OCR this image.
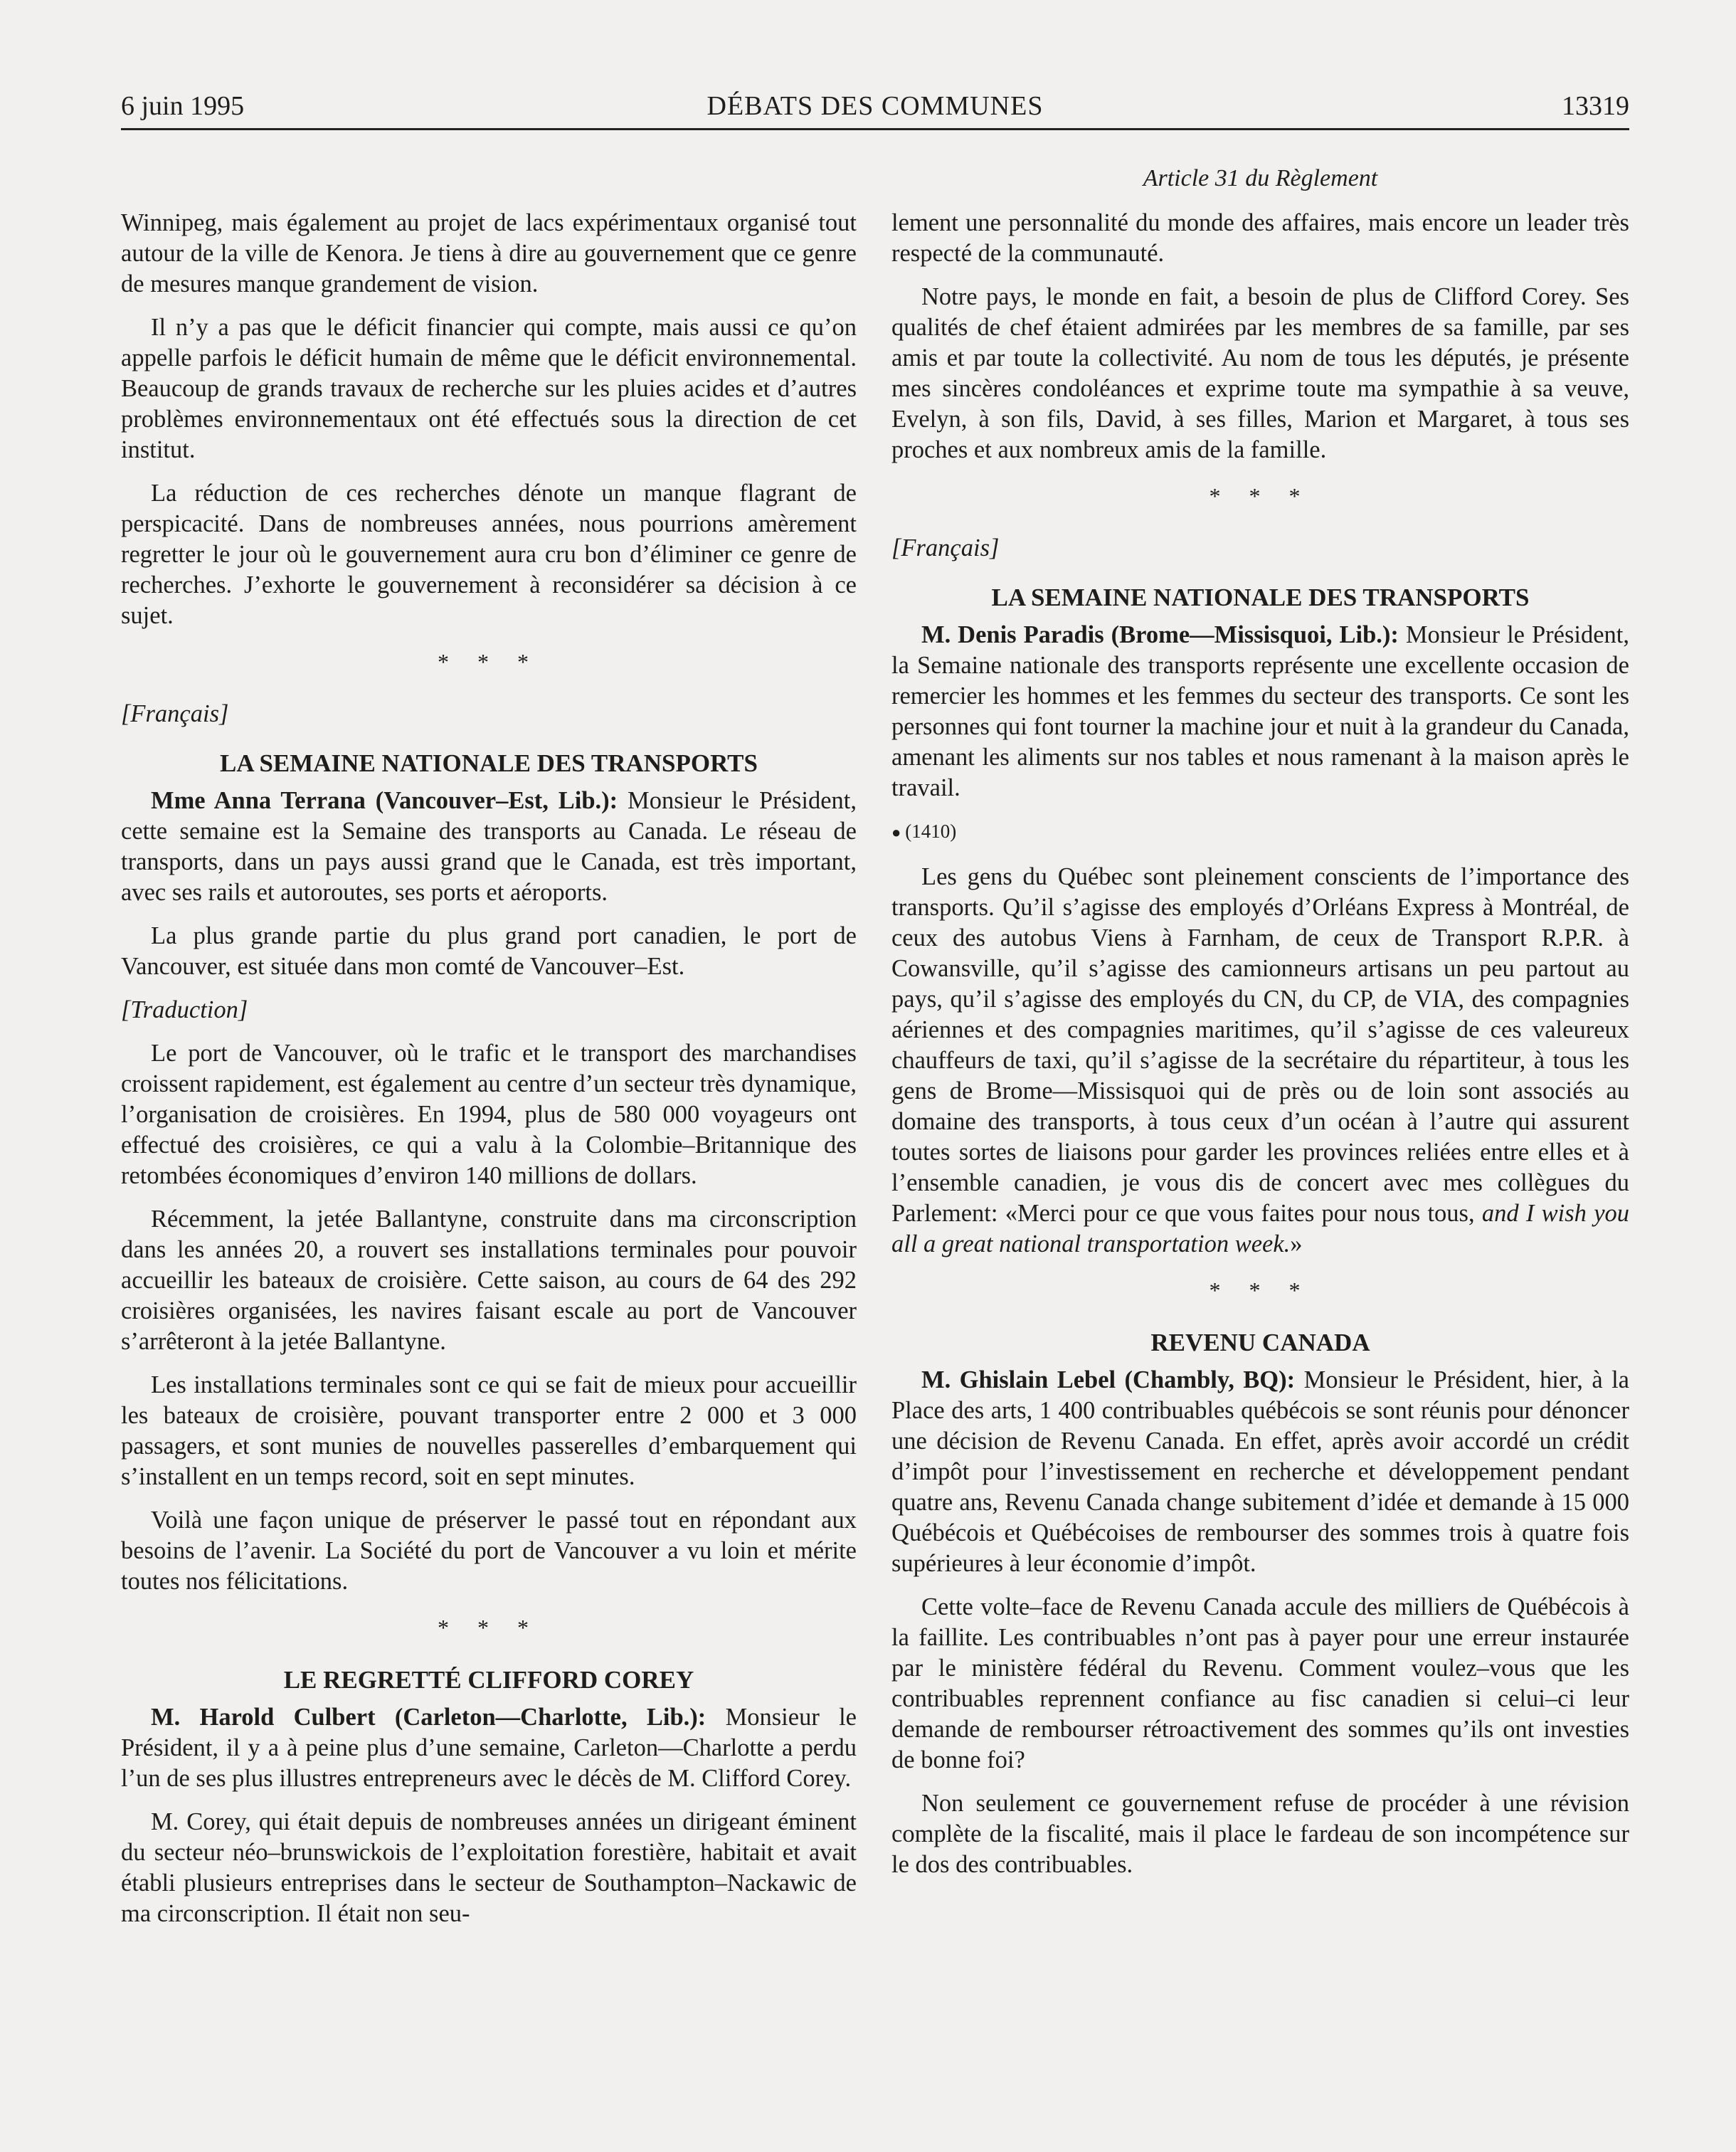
6 juin 1995	DÉBATS DES COMMUNES	13319
Article 31 du Règlement

Winnipeg, mais également au projet de lacs expérimentaux organisé tout autour de la ville de Kenora. Je tiens à dire au gouvernement que ce genre de mesures manque grandement de vision.

Il n’y a pas que le déficit financier qui compte, mais aussi ce qu’on appelle parfois le déficit humain de même que le déficit environnemental. Beaucoup de grands travaux de recherche sur les pluies acides et d’autres problèmes environnementaux ont été effectués sous la direction de cet institut.

La réduction de ces recherches dénote un manque flagrant de perspicacité. Dans de nombreuses années, nous pourrions amèrement regretter le jour où le gouvernement aura cru bon d’éliminer ce genre de recherches. J’exhorte le gouvernement à reconsidérer sa décision à ce sujet.

* * *
[Français]
LA SEMAINE NATIONALE DES TRANSPORTS

Mme Anna Terrana (Vancouver–Est, Lib.): Monsieur le Président, cette semaine est la Semaine des transports au Canada. Le réseau de transports, dans un pays aussi grand que le Canada, est très important, avec ses rails et autoroutes, ses ports et aéroports.

La plus grande partie du plus grand port canadien, le port de Vancouver, est située dans mon comté de Vancouver–Est.

[Traduction]

Le port de Vancouver, où le trafic et le transport des marchandises croissent rapidement, est également au centre d’un secteur très dynamique, l’organisation de croisières. En 1994, plus de 580 000 voyageurs ont effectué des croisières, ce qui a valu à la Colombie–Britannique des retombées économiques d’environ 140 millions de dollars.

Récemment, la jetée Ballantyne, construite dans ma circonscription dans les années 20, a rouvert ses installations terminales pour pouvoir accueillir les bateaux de croisière. Cette saison, au cours de 64 des 292 croisières organisées, les navires faisant escale au port de Vancouver s’arrêteront à la jetée Ballantyne.

Les installations terminales sont ce qui se fait de mieux pour accueillir les bateaux de croisière, pouvant transporter entre 2 000 et 3 000 passagers, et sont munies de nouvelles passerelles d’embarquement qui s’installent en un temps record, soit en sept minutes.

Voilà une façon unique de préserver le passé tout en répondant aux besoins de l’avenir. La Société du port de Vancouver a vu loin et mérite toutes nos félicitations.

* * *
LE REGRETTÉ CLIFFORD COREY

M. Harold Culbert (Carleton—Charlotte, Lib.): Monsieur le Président, il y a à peine plus d’une semaine, Carleton—Charlotte a perdu l’un de ses plus illustres entrepreneurs avec le décès de M. Clifford Corey.

M. Corey, qui était depuis de nombreuses années un dirigeant éminent du secteur néo–brunswickois de l’exploitation forestière, habitait et avait établi plusieurs entreprises dans le secteur de Southampton–Nackawic de ma circonscription. Il était non seu-

lement une personnalité du monde des affaires, mais encore un leader très respecté de la communauté.

Notre pays, le monde en fait, a besoin de plus de Clifford Corey. Ses qualités de chef étaient admirées par les membres de sa famille, par ses amis et par toute la collectivité. Au nom de tous les députés, je présente mes sincères condoléances et exprime toute ma sympathie à sa veuve, Evelyn, à son fils, David, à ses filles, Marion et Margaret, à tous ses proches et aux nombreux amis de la famille.

* * *
[Français]
LA SEMAINE NATIONALE DES TRANSPORTS

M. Denis Paradis (Brome—Missisquoi, Lib.): Monsieur le Président, la Semaine nationale des transports représente une excellente occasion de remercier les hommes et les femmes du secteur des transports. Ce sont les personnes qui font tourner la machine jour et nuit à la grandeur du Canada, amenant les aliments sur nos tables et nous ramenant à la maison après le travail.

● (1410)

Les gens du Québec sont pleinement conscients de l’importance des transports. Qu’il s’agisse des employés d’Orléans Express à Montréal, de ceux des autobus Viens à Farnham, de ceux de Transport R.P.R. à Cowansville, qu’il s’agisse des camionneurs artisans un peu partout au pays, qu’il s’agisse des employés du CN, du CP, de VIA, des compagnies aériennes et des compagnies maritimes, qu’il s’agisse de ces valeureux chauffeurs de taxi, qu’il s’agisse de la secrétaire du répartiteur, à tous les gens de Brome—Missisquoi qui de près ou de loin sont associés au domaine des transports, à tous ceux d’un océan à l’autre qui assurent toutes sortes de liaisons pour garder les provinces reliées entre elles et à l’ensemble canadien, je vous dis de concert avec mes collègues du Parlement: «Merci pour ce que vous faites pour nous tous, and I wish you all a great national transportation week.»

* * *
REVENU CANADA

M. Ghislain Lebel (Chambly, BQ): Monsieur le Président, hier, à la Place des arts, 1 400 contribuables québécois se sont réunis pour dénoncer une décision de Revenu Canada. En effet, après avoir accordé un crédit d’impôt pour l’investissement en recherche et développement pendant quatre ans, Revenu Canada change subitement d’idée et demande à 15 000 Québécois et Québécoises de rembourser des sommes trois à quatre fois supérieures à leur économie d’impôt.

Cette volte–face de Revenu Canada accule des milliers de Québécois à la faillite. Les contribuables n’ont pas à payer pour une erreur instaurée par le ministère fédéral du Revenu. Comment voulez–vous que les contribuables reprennent confiance au fisc canadien si celui–ci leur demande de rembourser rétroactivement des sommes qu’ils ont investies de bonne foi?

Non seulement ce gouvernement refuse de procéder à une révision complète de la fiscalité, mais il place le fardeau de son incompétence sur le dos des contribuables.
